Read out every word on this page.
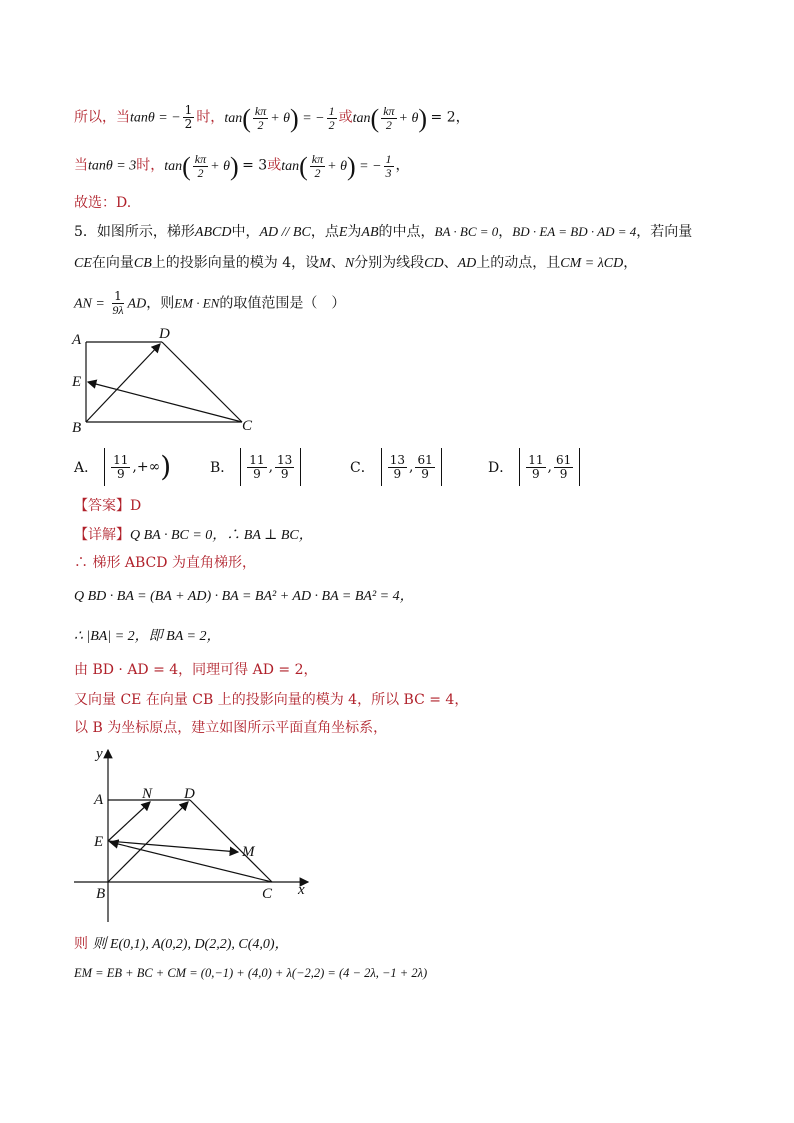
所以，当tanθ = − $\frac{1}{2}$ 时，$\tan( \frac{k\pi}{2} + \theta)$ = − $\frac{1}{2}$ 或$\tan( \frac{k\pi}{2} + \theta) = 2$，
当tanθ = 3时，$\tan( \frac{k\pi}{2} + \theta) = 3$或$\tan( \frac{k\pi}{2} + \theta)$ = − $\frac{1}{3}$ ，
故选：D.
5．如图所示，梯形ABCD中，AD // BC，点E为AB的中点，BA · BC = 0，BD · EA = BD · AD = 4，若向量
CE在向量CB上的投影向量的模为 4，设M、N分别为线段CD、AD上的动点，且CM = λCD，
AN = $\frac{1}{9\lambda}$ AD，则EM · EN的取值范围是（　）
A	D
E
B	C
A． $\frac{11}{9}$ , +∞ )	B． $\frac{11}{9}$ , $\frac{13}{9}$	C． $\frac{13}{9}$ , $\frac{61}{9}$	D． $\frac{11}{9}$ , $\frac{61}{9}$
【答案】D
【详解】Q BA · BC = 0，∴ BA ⊥ BC，
∴ 梯形 ABCD 为直角梯形，
Q BD · BA = (BA + AD) · BA = BA² + AD · BA = BA² = 4，
∴ |BA| = 2，即 BA = 2，
由 BD · AD = 4，同理可得 AD = 2，
又向量 CE 在向量 CB 上的投影向量的模为 4，所以 BC = 4，
以 B 为坐标原点，建立如图所示平面直角坐标系，
y
A	N D
E
M
B	C x
则 则 E(0,1), A(0,2), D(2,2), C(4,0)，
EM = EB + BC + CM = (0,−1) + (4,0) + λ(−2,2) = (4 − 2λ, −1 + 2λ)
